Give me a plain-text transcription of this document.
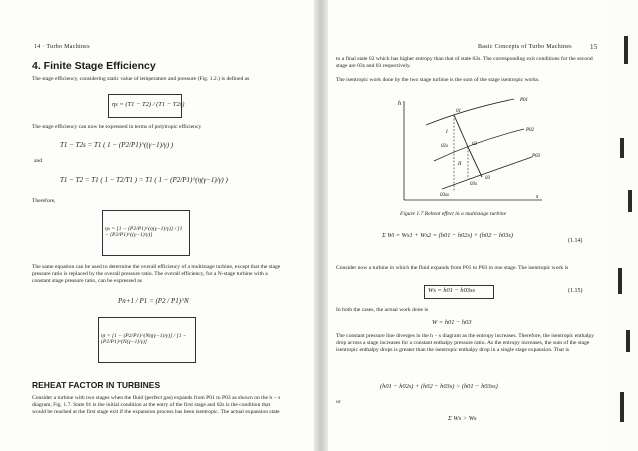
14 · Turbo Machines
4. Finite Stage Efficiency
The stage efficiency, considering static value of temperature and pressure (Fig. 1.2.) is defined as
ηs = (T1 − T2) / (T1 − T2s)
The stage efficiency can now be expressed in terms of polytropic efficiency
T1 − T2s = T1 ( 1 − (P2/P1)^((γ−1)/γ) )
and
T1 − T2 = T1 ( 1 − T2/T1 ) = T1 ( 1 − (P2/P1)^(η(γ−1)/γ) )
Therefore,
ηs = [1 − (P2/P1)^(η(γ−1)/γ)] / [1 − (P2/P1)^((γ−1)/γ)]
The same equation can be used to determine the overall efficiency of a multistage turbine, except that the stage pressure ratio is replaced by the overall pressure ratio. The overall efficiency, for a N-stage turbine with a constant stage pressure ratio, can be expressed as
Pn+1 / P1 = (P2 / P1)^N
ηt = [1 − (P2/P1)^(Nη(γ−1)/γ)] / [1 − (P2/P1)^(N(γ−1)/γ)]
REHEAT FACTOR IN TURBINES
Consider a turbine with two stages when the fluid (perfect gas) expands from P01 to P03 as shown on the h − s diagram, Fig. 1.7. State 01 is the initial condition at the entry of the first stage and 02s is the condition that would be reached at the first stage exit if the expansion process has been isentropic. The actual expansion state
Basic Concepts of Turbo Machines	15
to a final state 02 which has higher entropy than that of state 02s. The corresponding exit conditions for the second stage are 03s and 03 respectively.
The isentropic work done by the two stage turbine is the sum of the stage isentropic works.
h
s
P01
01
P02
02s	02
I
II
P03
03s
03
03ss
Figure 1.7 Reheat effect in a multistage turbine
Σ Wi = Ws1 + Ws2 = (h01 − h02s) + (h02 − h03s)
(1.14)
Consider now a turbine in which the fluid expands from P01 to P03 in one stage. The isentropic work is
Ws = h01 − h03ss	(1.15)
In both the cases, the actual work done is
W = h01 − h03
The constant pressure line diverges in the h − s diagram as the entropy increases. Therefore, the isentropic enthalpy drop across a stage increases for a constant enthalpy pressure ratio. As the entropy increases, the sum of the stage isentropic enthalpy drops is greater than the isentropic enthalpy drop in a single stage expansion. That is
(h01 − h02s) + (h02 − h03s) > (h01 − h03ss)
or
Σ Ws > Ws
